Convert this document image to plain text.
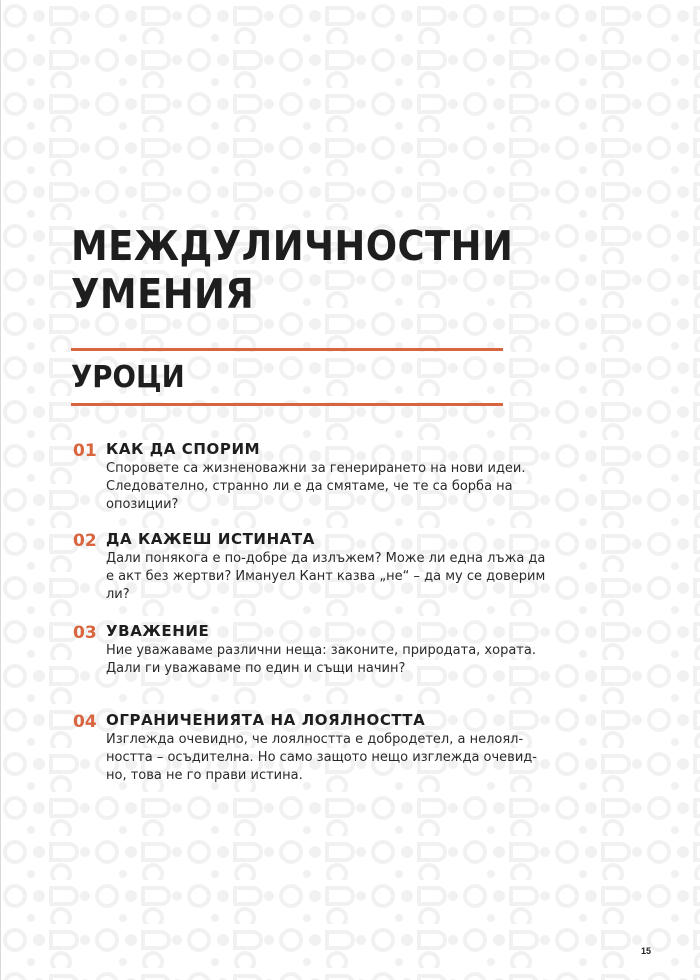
МЕЖДУЛИЧНОСТНИ
УМЕНИЯ
УРОЦИ
01 КАК ДА СПОРИМ
Споровете са жизненоважни за генерирането на нови идеи.
Следователно, странно ли е да смятаме, че те са борба на
опозиции?
02 ДА КАЖЕШ ИСТИНАТА
Дали понякога е по-добре да излъжем? Може ли една лъжа да
е акт без жертви? Имануел Кант казва „не“ – да му се доверим
ли?
03 УВАЖЕНИЕ
Ние уважаваме различни неща: законите, природата, хората.
Дали ги уважаваме по един и същи начин?
04 ОГРАНИЧЕНИЯТА НА ЛОЯЛНОСТТА
Изглежда очевидно, че лоялността е добродетел, а нелоял-
ността – осъдителна. Но само защото нещо изглежда очевид-
но, това не го прави истина.
15
